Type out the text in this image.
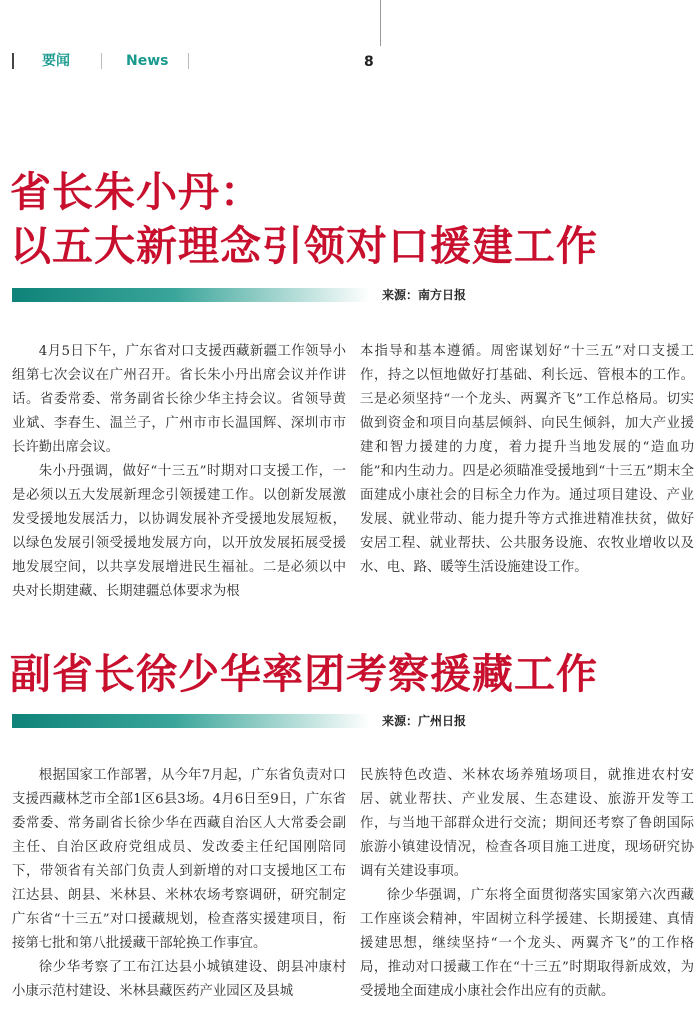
要闻	News	8
省长朱小丹：
以五大新理念引领对口援建工作
来源：南方日报

4月5日下午，广东省对口支援西藏新疆工作领导小组第七次会议在广州召开。省长朱小丹出席会议并作讲话。省委常委、常务副省长徐少华主持会议。省领导黄业斌、李春生、温兰子，广州市市长温国辉、深圳市市长许勤出席会议。

朱小丹强调，做好“十三五”时期对口支援工作，一是必须以五大发展新理念引领援建工作。以创新发展激发受援地发展活力，以协调发展补齐受援地发展短板，以绿色发展引领受援地发展方向，以开放发展拓展受援地发展空间，以共享发展增进民生福祉。二是必须以中央对长期建藏、长期建疆总体要求为根

本指导和基本遵循。周密谋划好“十三五”对口支援工作，持之以恒地做好打基础、利长远、管根本的工作。三是必须坚持“一个龙头、两翼齐飞”工作总格局。切实做到资金和项目向基层倾斜、向民生倾斜，加大产业援建和智力援建的力度，着力提升当地发展的“造血功能”和内生动力。四是必须瞄准受援地到“十三五”期末全面建成小康社会的目标全力作为。通过项目建设、产业发展、就业带动、能力提升等方式推进精准扶贫，做好安居工程、就业帮扶、公共服务设施、农牧业增收以及水、电、路、暖等生活设施建设工作。

副省长徐少华率团考察援藏工作
来源：广州日报

根据国家工作部署，从今年7月起，广东省负责对口支援西藏林芝市全部1区6县3场。4月6日至9日，广东省委常委、常务副省长徐少华在西藏自治区人大常委会副主任、自治区政府党组成员、发改委主任纪国刚陪同下，带领省有关部门负责人到新增的对口支援地区工布江达县、朗县、米林县、米林农场考察调研，研究制定广东省“十三五”对口援藏规划，检查落实援建项目，衔接第七批和第八批援藏干部轮换工作事宜。

徐少华考察了工布江达县小城镇建设、朗县冲康村小康示范村建设、米林县藏医药产业园区及县城

民族特色改造、米林农场养殖场项目，就推进农村安居、就业帮扶、产业发展、生态建设、旅游开发等工作，与当地干部群众进行交流；期间还考察了鲁朗国际旅游小镇建设情况，检查各项目施工进度，现场研究协调有关建设事项。

徐少华强调，广东将全面贯彻落实国家第六次西藏工作座谈会精神，牢固树立科学援建、长期援建、真情援建思想，继续坚持“一个龙头、两翼齐飞”的工作格局，推动对口援藏工作在“十三五”时期取得新成效，为受援地全面建成小康社会作出应有的贡献。
